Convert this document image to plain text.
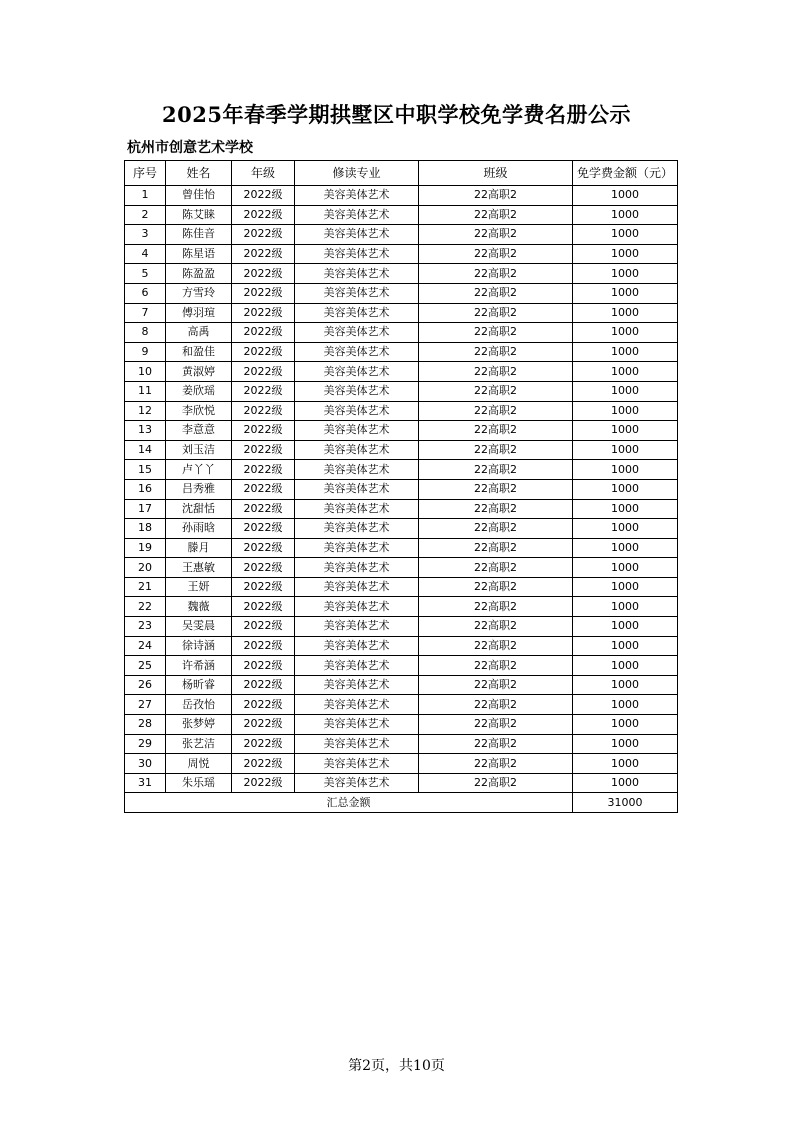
2025年春季学期拱墅区中职学校免学费名册公示
杭州市创意艺术学校
序号	姓名	年级	修读专业	班级	免学费金额（元）
1	曾佳怡	2022级	美容美体艺术	22高职2	1000
2	陈艾睐	2022级	美容美体艺术	22高职2	1000
3	陈佳音	2022级	美容美体艺术	22高职2	1000
4	陈星语	2022级	美容美体艺术	22高职2	1000
5	陈盈盈	2022级	美容美体艺术	22高职2	1000
6	方雪玲	2022级	美容美体艺术	22高职2	1000
7	傅羽瑄	2022级	美容美体艺术	22高职2	1000
8	高禹	2022级	美容美体艺术	22高职2	1000
9	和盈佳	2022级	美容美体艺术	22高职2	1000
10	黄淑婷	2022级	美容美体艺术	22高职2	1000
11	姜欣瑶	2022级	美容美体艺术	22高职2	1000
12	李欣悦	2022级	美容美体艺术	22高职2	1000
13	李意意	2022级	美容美体艺术	22高职2	1000
14	刘玉洁	2022级	美容美体艺术	22高职2	1000
15	卢丫丫	2022级	美容美体艺术	22高职2	1000
16	吕秀雅	2022级	美容美体艺术	22高职2	1000
17	沈甜恬	2022级	美容美体艺术	22高职2	1000
18	孙雨晗	2022级	美容美体艺术	22高职2	1000
19	滕月	2022级	美容美体艺术	22高职2	1000
20	王惠敏	2022级	美容美体艺术	22高职2	1000
21	王妍	2022级	美容美体艺术	22高职2	1000
22	魏薇	2022级	美容美体艺术	22高职2	1000
23	吴雯晨	2022级	美容美体艺术	22高职2	1000
24	徐诗涵	2022级	美容美体艺术	22高职2	1000
25	许希涵	2022级	美容美体艺术	22高职2	1000
26	杨昕睿	2022级	美容美体艺术	22高职2	1000
27	岳孜怡	2022级	美容美体艺术	22高职2	1000
28	张梦婷	2022级	美容美体艺术	22高职2	1000
29	张艺洁	2022级	美容美体艺术	22高职2	1000
30	周悦	2022级	美容美体艺术	22高职2	1000
31	朱乐瑶	2022级	美容美体艺术	22高职2	1000
汇总金额					31000
第2页，共10页
